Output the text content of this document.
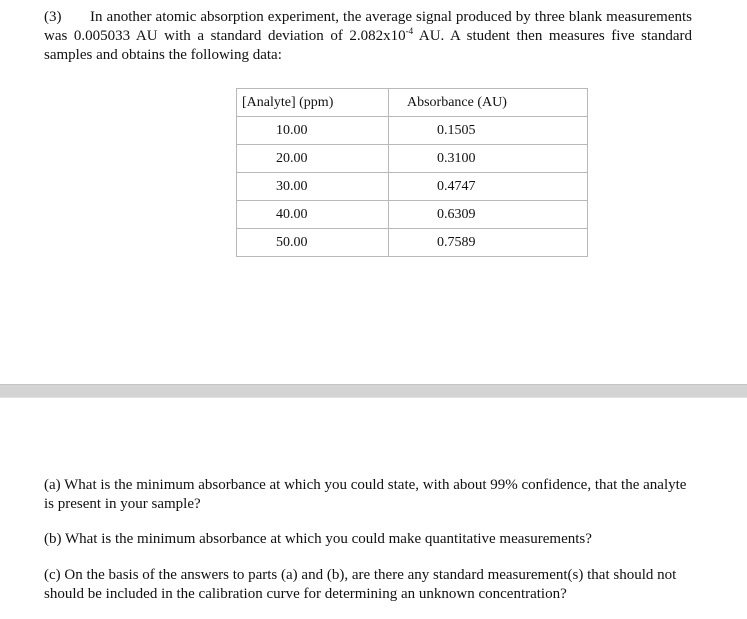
(3) In another atomic absorption experiment, the average signal produced by three blank measurements was 0.005033 AU with a standard deviation of $2.082x10^{-4}$ AU. A student then measures five standard samples and obtains the following data:

[Analyte] (ppm)	Absorbance (AU)
10.00	0.1505
20.00	0.3100
30.00	0.4747
40.00	0.6309
50.00	0.7589

(a) What is the minimum absorbance at which you could state, with about 99% confidence, that the analyte is present in your sample?

(b) What is the minimum absorbance at which you could make quantitative measurements?

(c) On the basis of the answers to parts (a) and (b), are there any standard measurement(s) that should not should be included in the calibration curve for determining an unknown concentration?
